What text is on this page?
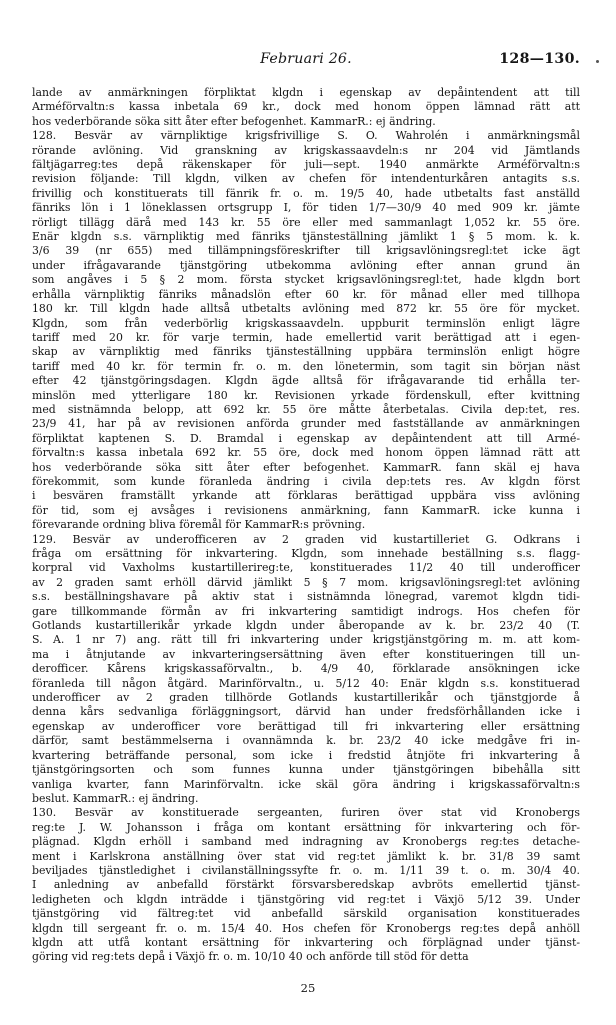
Februari 26.	128—130.
lande av anmärkningen förpliktat klgdn i egenskap av depåintendent att till
Arméförvaltn:s kassa inbetala 69 kr., dock med honom öppen lämnad rätt att
hos vederbörande söka sitt åter efter befogenhet. KammarR.: ej ändring.
128. Besvär av värnpliktige krigsfrivillige S. O. Wahrolén i anmärkningsmål
rörande avlöning. Vid granskning av krigskassaavdeln:s nr 204 vid Jämtlands
fältjägarreg:tes depå räkenskaper för juli—sept. 1940 anmärkte Arméförvaltn:s
revision följande: Till klgdn, vilken av chefen för intendenturkåren antagits s.s.
frivillig och konstituerats till fänrik fr. o. m. 19/5 40, hade utbetalts fast anställd
fänriks lön i 1 löneklassen ortsgrupp I, för tiden 1/7—30/9 40 med 909 kr. jämte
rörligt tillägg därå med 143 kr. 55 öre eller med sammanlagt 1,052 kr. 55 öre.
Enär klgdn s.s. värnpliktig med fänriks tjänsteställning jämlikt 1 § 5 mom. k. k.
3/6 39 (nr 655) med tillämpningsföreskrifter till krigsavlöningsregl:tet icke ägt
under ifrågavarande tjänstgöring utbekomma avlöning efter annan grund än
som angåves i 5 § 2 mom. första stycket krigsavlöningsregl:tet, hade klgdn bort
erhålla värnpliktig fänriks månadslön efter 60 kr. för månad eller med tillhopa
180 kr. Till klgdn hade alltså utbetalts avlöning med 872 kr. 55 öre för mycket.
Klgdn, som från vederbörlig krigskassaavdeln. uppburit terminslön enligt lägre
tariff med 20 kr. för varje termin, hade emellertid varit berättigad att i egen-
skap av värnpliktig med fänriks tjänsteställning uppbära terminslön enligt högre
tariff med 40 kr. för termin fr. o. m. den lönetermin, som tagit sin början näst
efter 42 tjänstgöringsdagen. Klgdn ägde alltså för ifrågavarande tid erhålla ter-
minslön med ytterligare 180 kr. Revisionen yrkade fördenskull, efter kvittning
med sistnämnda belopp, att 692 kr. 55 öre måtte återbetalas. Civila dep:tet, res.
23/9 41, har på av revisionen anförda grunder med fastställande av anmärkningen
förpliktat kaptenen S. D. Bramdal i egenskap av depåintendent att till Armé-
förvaltn:s kassa inbetala 692 kr. 55 öre, dock med honom öppen lämnad rätt att
hos vederbörande söka sitt åter efter befogenhet. KammarR. fann skäl ej hava
förekommit, som kunde föranleda ändring i civila dep:tets res. Av klgdn först
i besvären framställt yrkande att förklaras berättigad uppbära viss avlöning
för tid, som ej avsåges i revisionens anmärkning, fann KammarR. icke kunna i
förevarande ordning bliva föremål för KammarR:s prövning.
129. Besvär av underofficeren av 2 graden vid kustartilleriet G. Odkrans i
fråga om ersättning för inkvartering. Klgdn, som innehade beställning s.s. flagg-
korpral vid Vaxholms kustartillerireg:te, konstituerades 11/2 40 till underofficer
av 2 graden samt erhöll därvid jämlikt 5 § 7 mom. krigsavlöningsregl:tet avlöning
s.s. beställningshavare på aktiv stat i sistnämnda lönegrad, varemot klgdn tidi-
gare tillkommande förmån av fri inkvartering samtidigt indrogs. Hos chefen för
Gotlands kustartillerikår yrkade klgdn under åberopande av k. br. 23/2 40 (T.
S. A. 1 nr 7) ang. rätt till fri inkvartering under krigstjänstgöring m. m. att kom-
ma i åtnjutande av inkvarteringsersättning även efter konstitueringen till un-
derofficer. Kårens krigskassaförvaltn., b. 4/9 40, förklarade ansökningen icke
föranleda till någon åtgärd. Marinförvaltn., u. 5/12 40: Enär klgdn s.s. konstituerad
underofficer av 2 graden tillhörde Gotlands kustartillerikår och tjänstgjorde å
denna kårs sedvanliga förläggningsort, därvid han under fredsförhållanden icke i
egenskap av underofficer vore berättigad till fri inkvartering eller ersättning
därför, samt bestämmelserna i ovannämnda k. br. 23/2 40 icke medgåve fri in-
kvartering beträffande personal, som icke i fredstid åtnjöte fri inkvartering å
tjänstgöringsorten och som funnes kunna under tjänstgöringen bibehålla sitt
vanliga kvarter, fann Marinförvaltn. icke skäl göra ändring i krigskassaförvaltn:s
beslut. KammarR.: ej ändring.
130. Besvär av konstituerade sergeanten, furiren över stat vid Kronobergs
reg:te J. W. Johansson i fråga om kontant ersättning för inkvartering och för-
plägnad. Klgdn erhöll i samband med indragning av Kronobergs reg:tes detache-
ment i Karlskrona anställning över stat vid reg:tet jämlikt k. br. 31/8 39 samt
beviljades tjänstledighet i civilanställningssyfte fr. o. m. 1/11 39 t. o. m. 30/4 40.
I anledning av anbefalld förstärkt försvarsberedskap avbröts emellertid tjänst-
ledigheten och klgdn inträdde i tjänstgöring vid reg:tet i Växjö 5/12 39. Under
tjänstgöring vid fältreg:tet vid anbefalld särskild organisation konstituerades
klgdn till sergeant fr. o. m. 15/4 40. Hos chefen för Kronobergs reg:tes depå anhöll
klgdn att utfå kontant ersättning för inkvartering och förplägnad under tjänst-
göring vid reg:tets depå i Växjö fr. o. m. 10/10 40 och anförde till stöd för detta
25
